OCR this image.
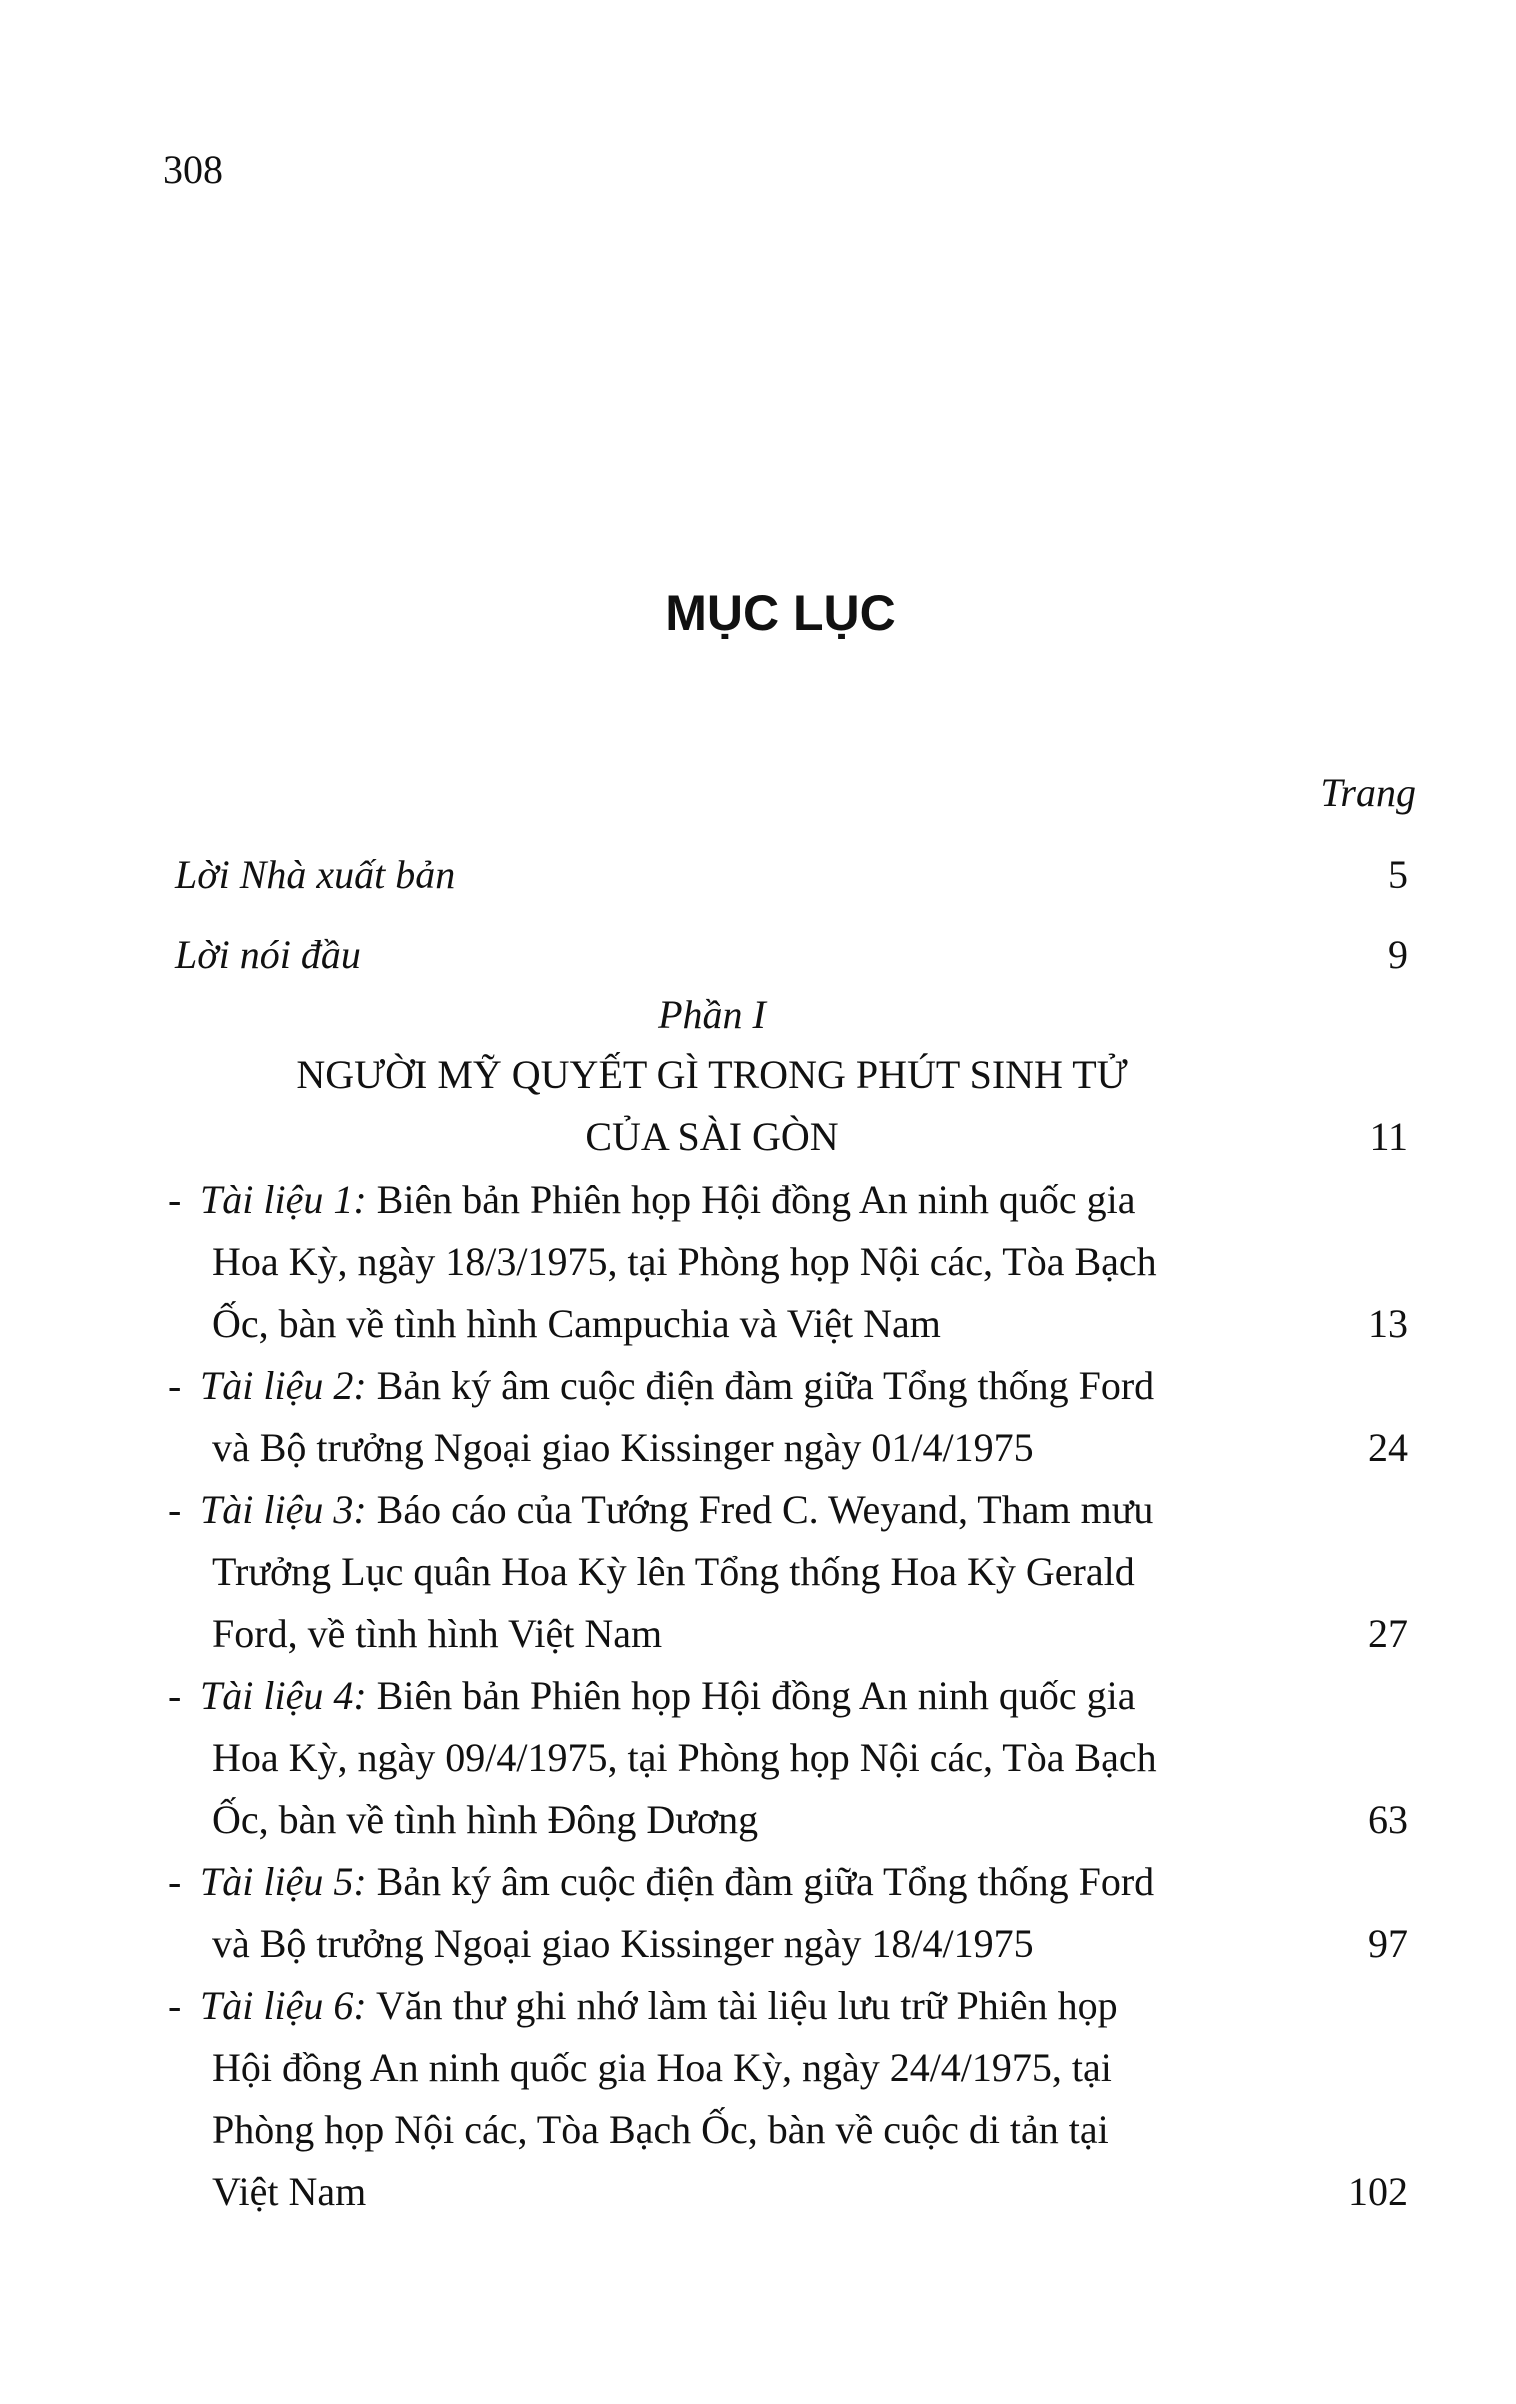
308
MỤC LỤC
Trang
Lời Nhà xuất bản	5
Lời nói đầu	9
Phần I
NGƯỜI MỸ QUYẾT GÌ TRONG PHÚT SINH TỬ
CỦA SÀI GÒN	11
- Tài liệu 1: Biên bản Phiên họp Hội đồng An ninh quốc gia
Hoa Kỳ, ngày 18/3/1975, tại Phòng họp Nội các, Tòa Bạch
Ốc, bàn về tình hình Campuchia và Việt Nam	13
- Tài liệu 2: Bản ký âm cuộc điện đàm giữa Tổng thống Ford
và Bộ trưởng Ngoại giao Kissinger ngày 01/4/1975	24
- Tài liệu 3: Báo cáo của Tướng Fred C. Weyand, Tham mưu
Trưởng Lục quân Hoa Kỳ lên Tổng thống Hoa Kỳ Gerald
Ford, về tình hình Việt Nam	27
- Tài liệu 4: Biên bản Phiên họp Hội đồng An ninh quốc gia
Hoa Kỳ, ngày 09/4/1975, tại Phòng họp Nội các, Tòa Bạch
Ốc, bàn về tình hình Đông Dương	63
- Tài liệu 5: Bản ký âm cuộc điện đàm giữa Tổng thống Ford
và Bộ trưởng Ngoại giao Kissinger ngày 18/4/1975	97
- Tài liệu 6: Văn thư ghi nhớ làm tài liệu lưu trữ Phiên họp
Hội đồng An ninh quốc gia Hoa Kỳ, ngày 24/4/1975, tại
Phòng họp Nội các, Tòa Bạch Ốc, bàn về cuộc di tản tại
Việt Nam	102
